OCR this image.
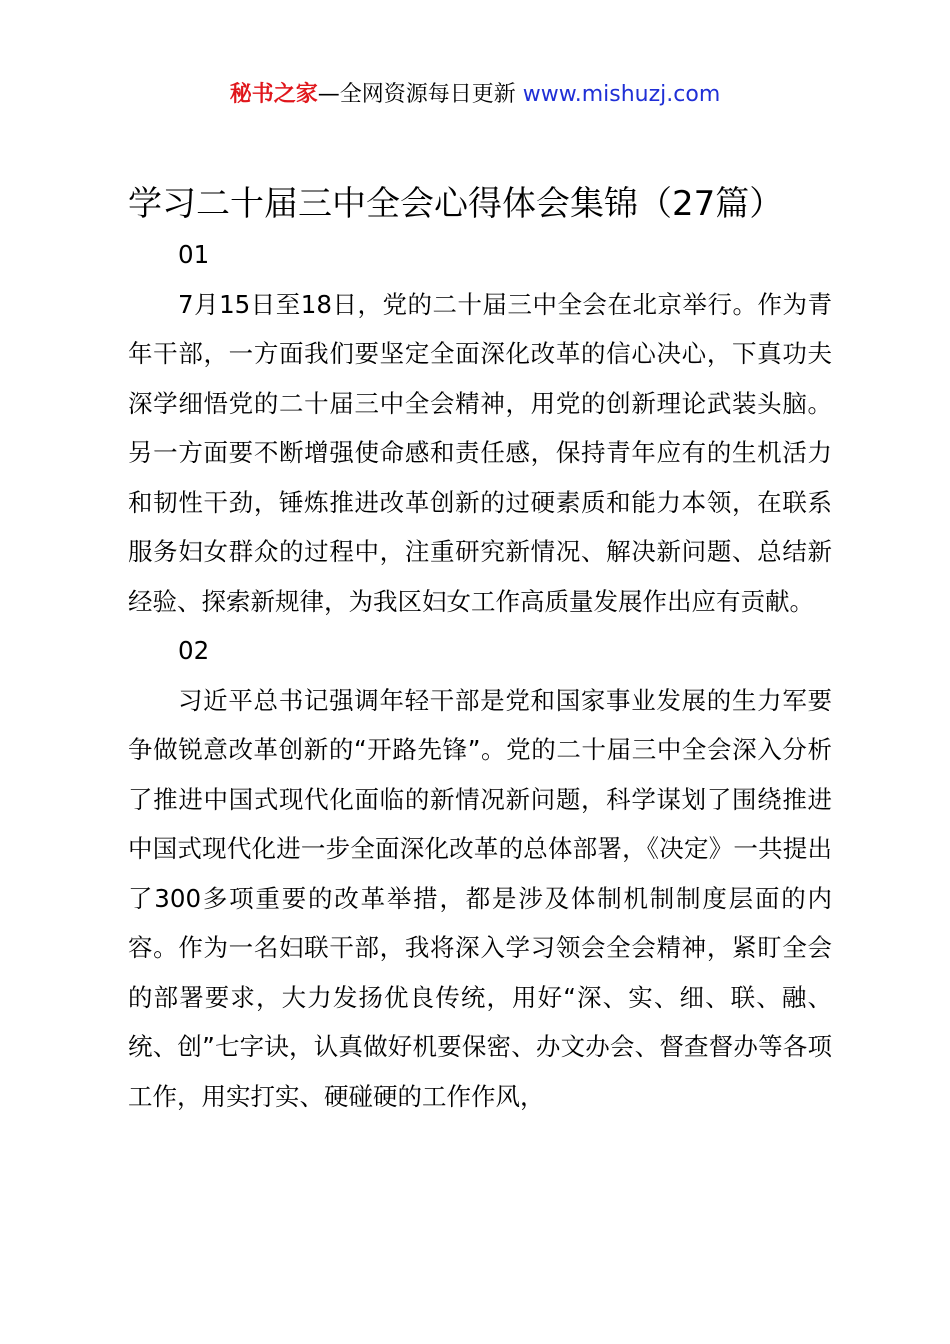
秘书之家—全网资源每日更新 www.mishuzj.com
学习二十届三中全会心得体会集锦（27篇）

01

7月15日至18日，党的二十届三中全会在北京举行。作为青年干部，一方面我们要坚定全面深化改革的信心决心，下真功夫深学细悟党的二十届三中全会精神，用党的创新理论武装头脑。另一方面要不断增强使命感和责任感，保持青年应有的生机活力和韧性干劲，锤炼推进改革创新的过硬素质和能力本领，在联系服务妇女群众的过程中，注重研究新情况、解决新问题、总结新经验、探索新规律，为我区妇女工作高质量发展作出应有贡献。

02

习近平总书记强调年轻干部是党和国家事业发展的生力军要争做锐意改革创新的“开路先锋”。党的二十届三中全会深入分析了推进中国式现代化面临的新情况新问题，科学谋划了围绕推进中国式现代化进一步全面深化改革的总体部署，《决定》一共提出了300多项重要的改革举措，都是涉及体制机制制度层面的内容。作为一名妇联干部，我将深入学习领会全会精神，紧盯全会的部署要求，大力发扬优良传统，用好“深、实、细、联、融、统、创”七字诀，认真做好机要保密、办文办会、督查督办等各项工作，用实打实、硬碰硬的工作作风，
